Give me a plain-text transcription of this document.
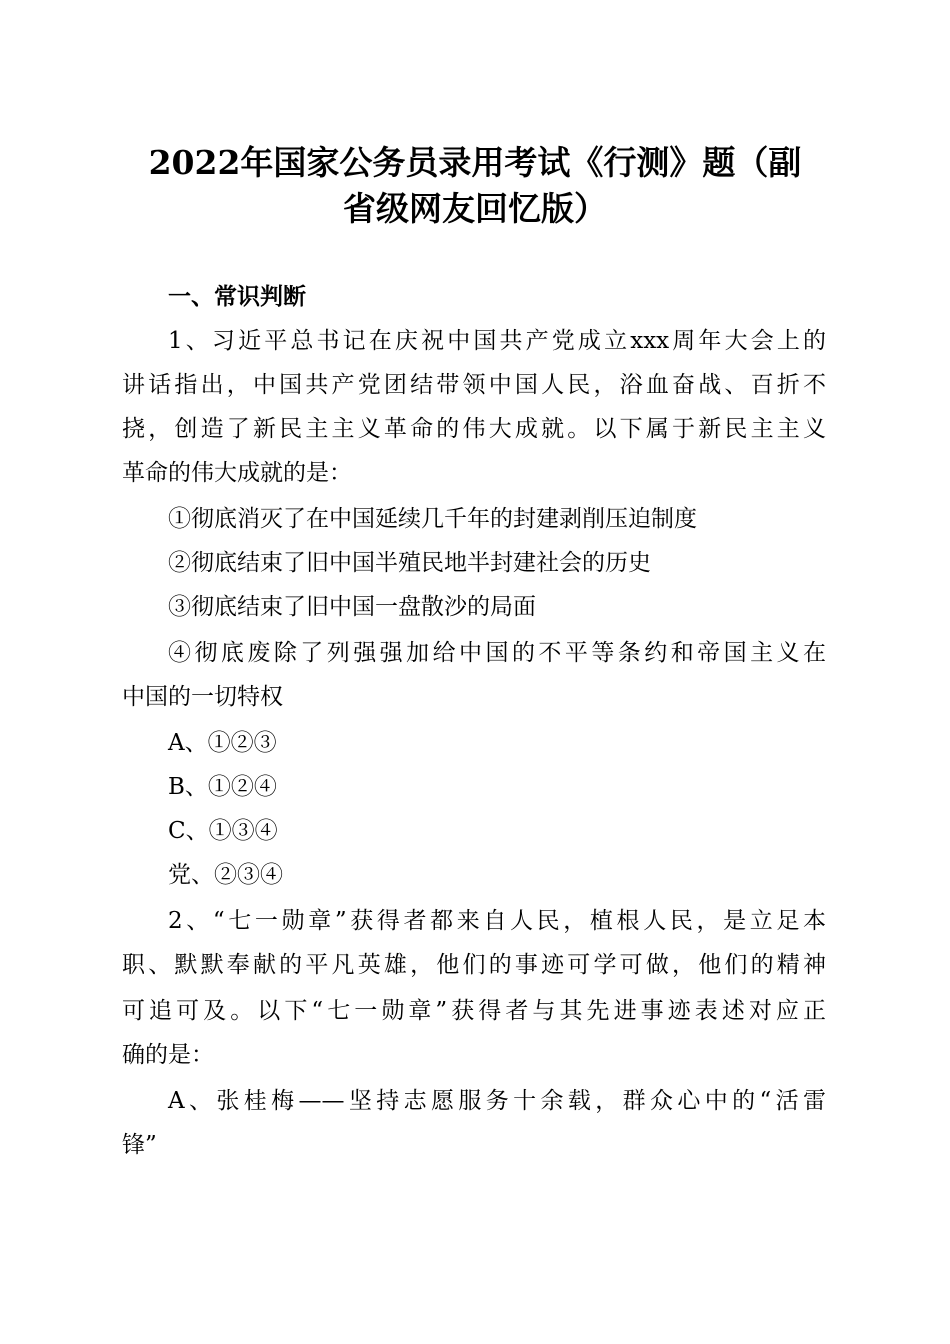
2022年国家公务员录用考试《行测》题（副
省级网友回忆版）
一、常识判断
1、习近平总书记在庆祝中国共产党成立xxx周年大会上的
讲话指出，中国共产党团结带领中国人民，浴血奋战、百折不
挠，创造了新民主主义革命的伟大成就。以下属于新民主主义
革命的伟大成就的是：
①彻底消灭了在中国延续几千年的封建剥削压迫制度
②彻底结束了旧中国半殖民地半封建社会的历史
③彻底结束了旧中国一盘散沙的局面
④彻底废除了列强强加给中国的不平等条约和帝国主义在
中国的一切特权
A、①②③
B、①②④
C、①③④
党、②③④
2、“七一勋章”获得者都来自人民，植根人民，是立足本
职、默默奉献的平凡英雄，他们的事迹可学可做，他们的精神
可追可及。以下“七一勋章”获得者与其先进事迹表述对应正
确的是：
A、张桂梅——坚持志愿服务十余载，群众心中的“活雷
锋”
